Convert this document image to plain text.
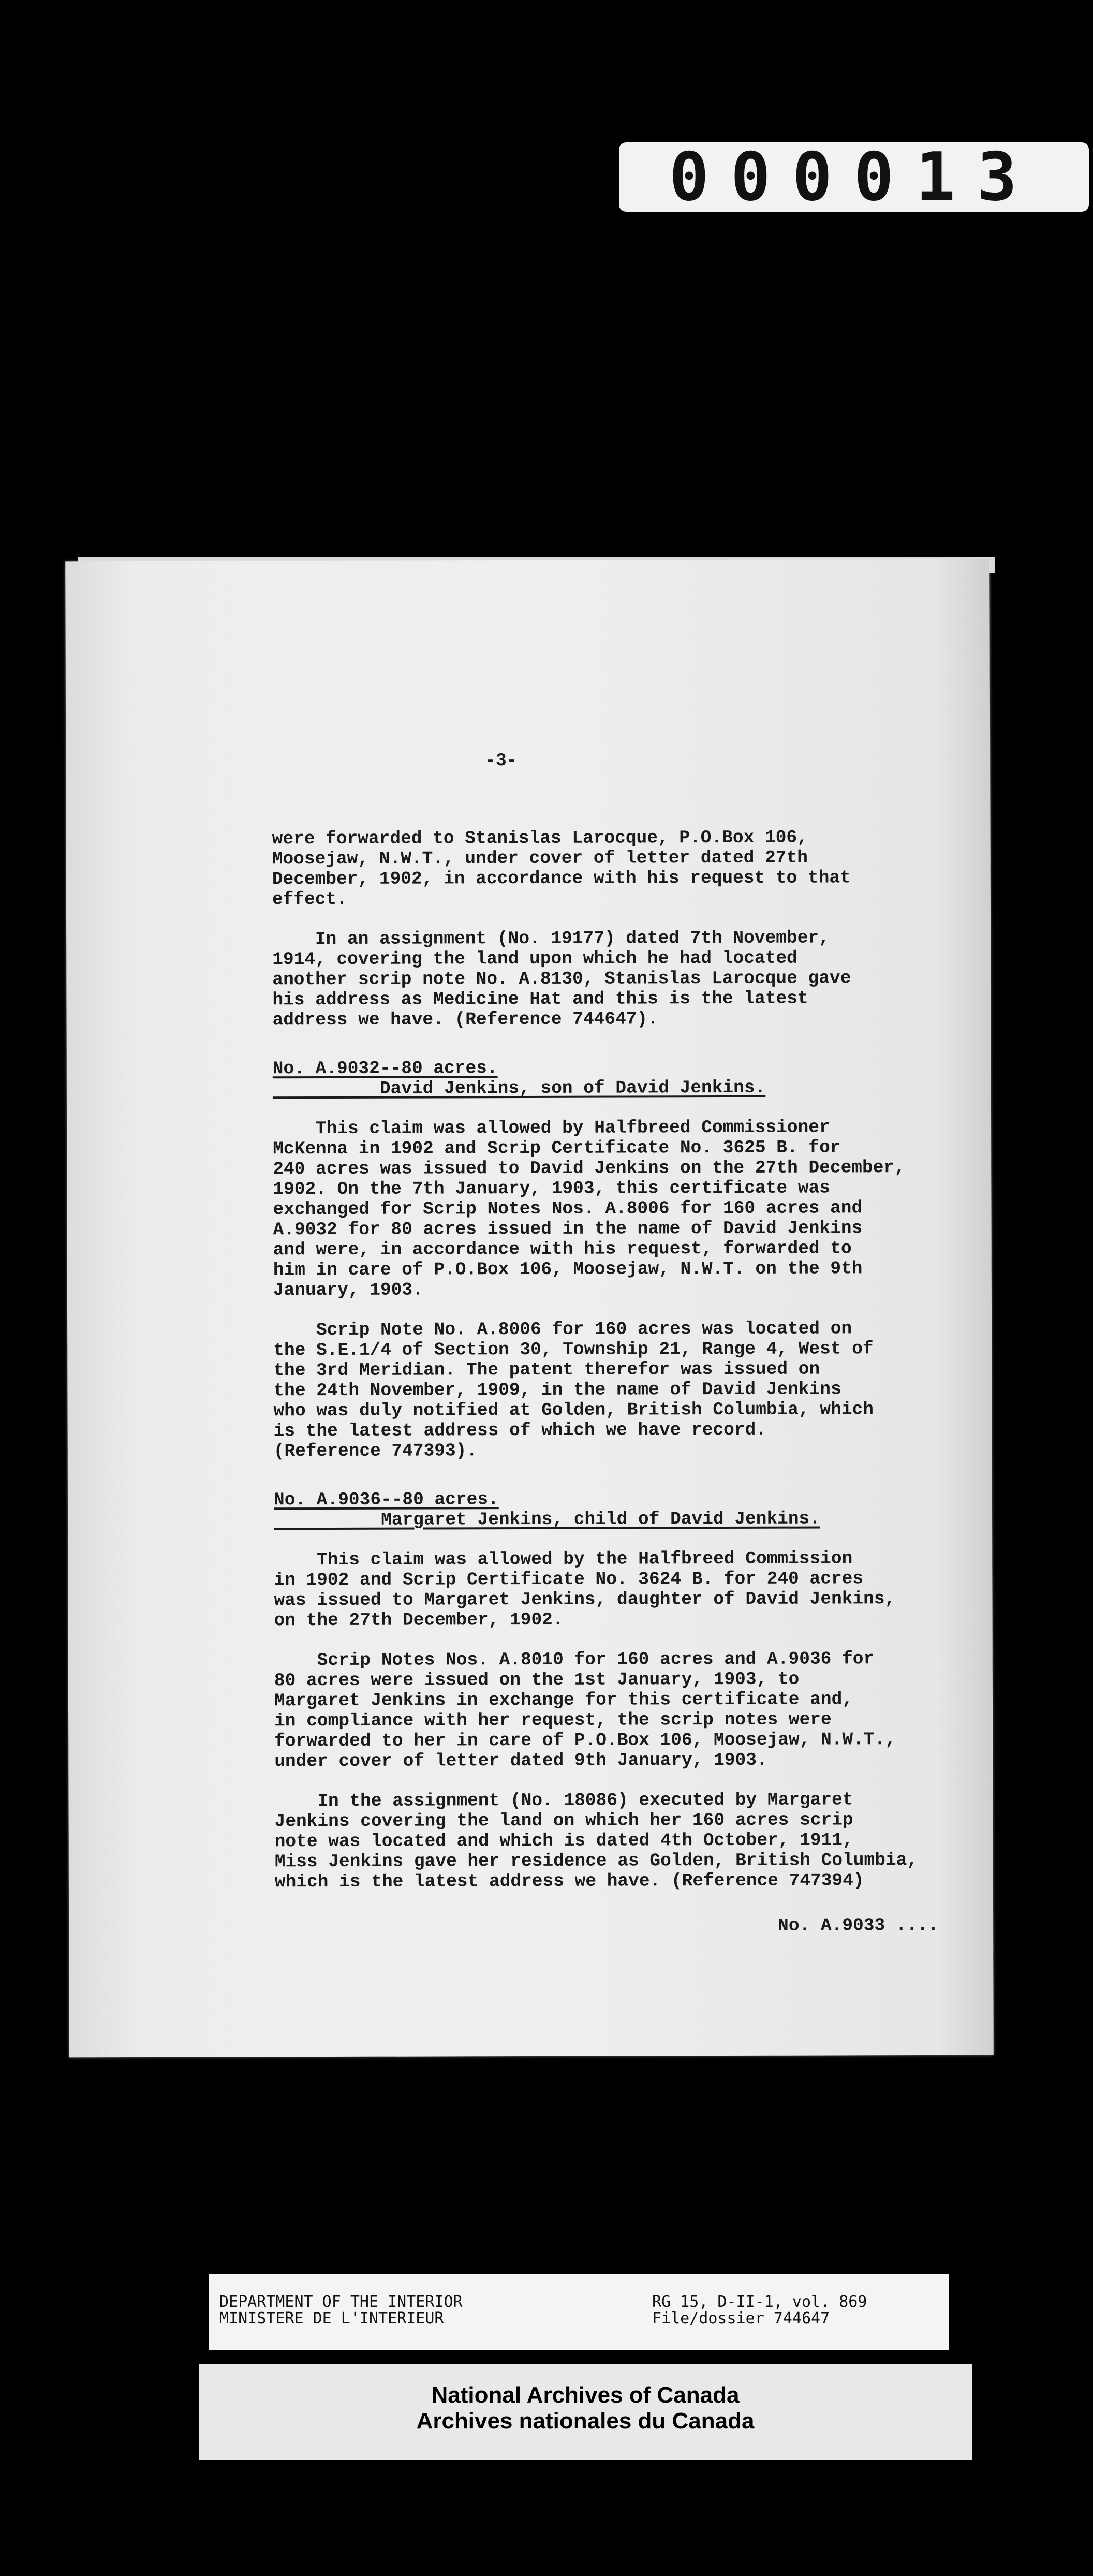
000013
-3-
were forwarded to Stanislas Larocque, P.O.Box 106,
Moosejaw, N.W.T., under cover of letter dated 27th
December, 1902, in accordance with his request to that
effect.
In an assignment (No. 19177) dated 7th November,
1914, covering the land upon which he had located
another scrip note No. A.8130, Stanislas Larocque gave
his address as Medicine Hat and this is the latest
address we have. (Reference 744647).
No. A.9032--80 acres.
David Jenkins, son of David Jenkins.
This claim was allowed by Halfbreed Commissioner
McKenna in 1902 and Scrip Certificate No. 3625 B. for
240 acres was issued to David Jenkins on the 27th December,
1902. On the 7th January, 1903, this certificate was
exchanged for Scrip Notes Nos. A.8006 for 160 acres and
A.9032 for 80 acres issued in the name of David Jenkins
and were, in accordance with his request, forwarded to
him in care of P.O.Box 106, Moosejaw, N.W.T. on the 9th
January, 1903.
Scrip Note No. A.8006 for 160 acres was located on
the S.E.1/4 of Section 30, Township 21, Range 4, West of
the 3rd Meridian. The patent therefor was issued on
the 24th November, 1909, in the name of David Jenkins
who was duly notified at Golden, British Columbia, which
is the latest address of which we have record.
(Reference 747393).
No. A.9036--80 acres.
Margaret Jenkins, child of David Jenkins.
This claim was allowed by the Halfbreed Commission
in 1902 and Scrip Certificate No. 3624 B. for 240 acres
was issued to Margaret Jenkins, daughter of David Jenkins,
on the 27th December, 1902.
Scrip Notes Nos. A.8010 for 160 acres and A.9036 for
80 acres were issued on the 1st January, 1903, to
Margaret Jenkins in exchange for this certificate and,
in compliance with her request, the scrip notes were
forwarded to her in care of P.O.Box 106, Moosejaw, N.W.T.,
under cover of letter dated 9th January, 1903.
In the assignment (No. 18086) executed by Margaret
Jenkins covering the land on which her 160 acres scrip
note was located and which is dated 4th October, 1911,
Miss Jenkins gave her residence as Golden, British Columbia,
which is the latest address we have. (Reference 747394)
No. A.9033 ....
DEPARTMENT OF THE INTERIOR
MINISTERE DE L'INTERIEUR
RG 15, D-II-1, vol. 869
File/dossier 744647
National Archives of Canada
Archives nationales du Canada
